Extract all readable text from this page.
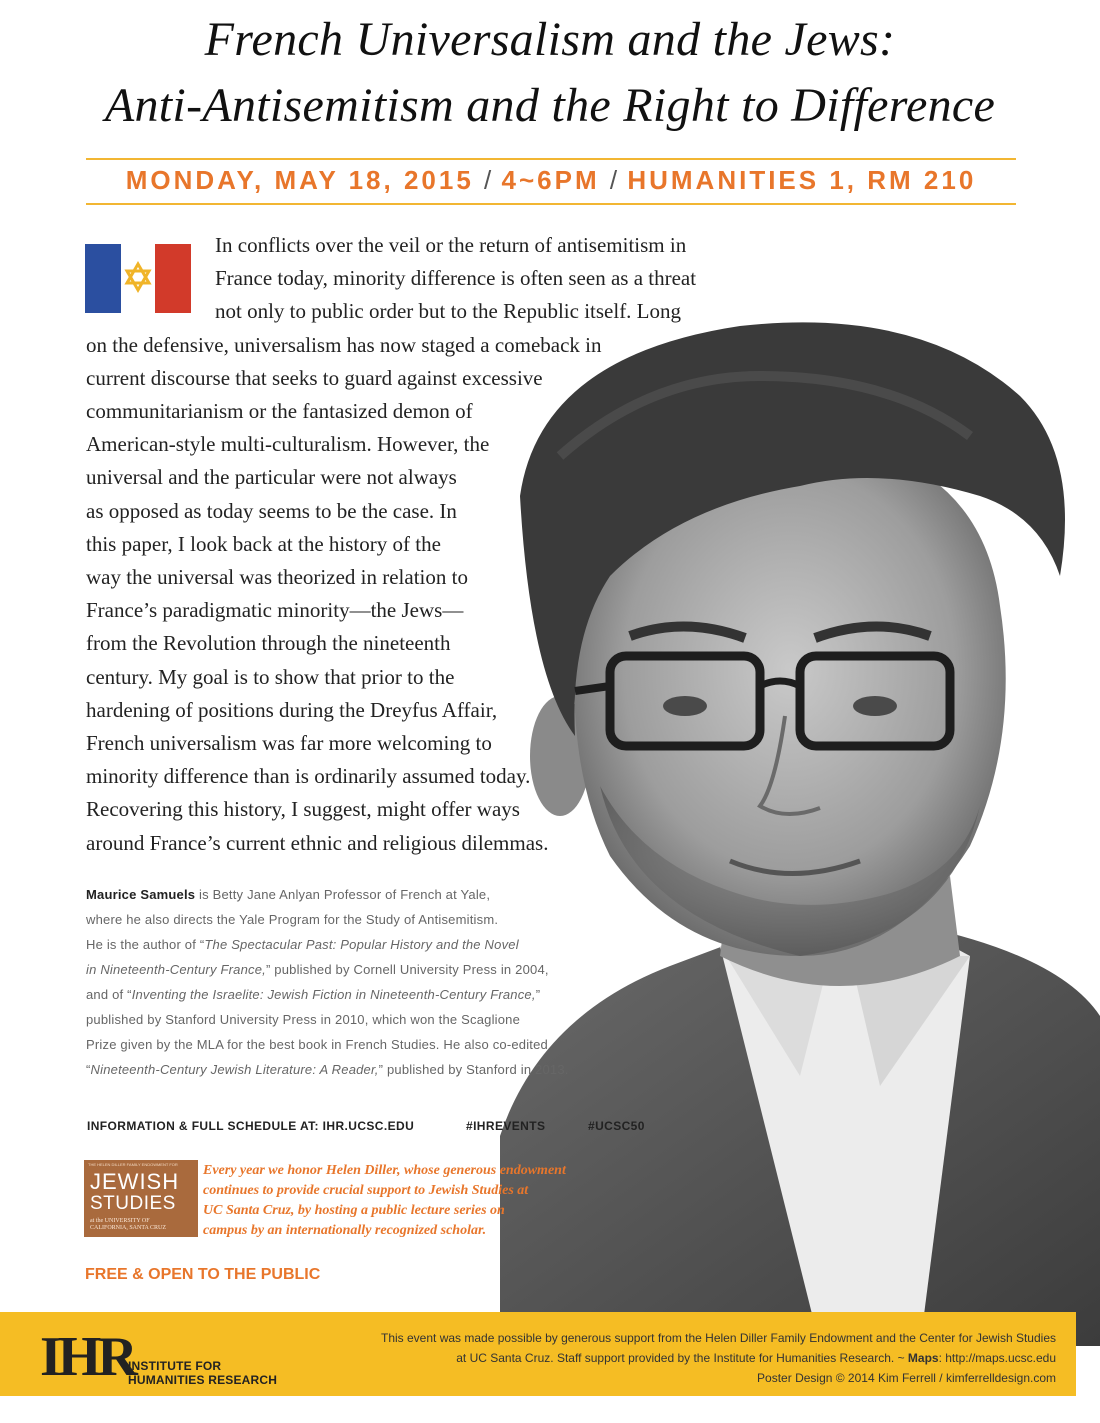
French Universalism and the Jews:
Anti-Antisemitism and the Right to Difference
MONDAY, MAY 18, 2015 / 4~6PM / HUMANITIES 1, RM 210
In conflicts over the veil or the return of antisemitism in
France today, minority difference is often seen as a threat
not only to public order but to the Republic itself. Long
on the defensive, universalism has now staged a comeback in
current discourse that seeks to guard against excessive
communitarianism or the fantasized demon of
American-style multi-culturalism. However, the
universal and the particular were not always
as opposed as today seems to be the case. In
this paper, I look back at the history of the
way the universal was theorized in relation to
France’s paradigmatic minority—the Jews—
from the Revolution through the nineteenth
century. My goal is to show that prior to the
hardening of positions during the Dreyfus Affair,
French universalism was far more welcoming to
minority difference than is ordinarily assumed today.
Recovering this history, I suggest, might offer ways
around France’s current ethnic and religious dilemmas.
Maurice Samuels is Betty Jane Anlyan Professor of French at Yale,
where he also directs the Yale Program for the Study of Antisemitism.
He is the author of “The Spectacular Past: Popular History and the Novel
in Nineteenth-Century France,” published by Cornell University Press in 2004,
and of “Inventing the Israelite: Jewish Fiction in Nineteenth-Century France,”
published by Stanford University Press in 2010, which won the Scaglione
Prize given by the MLA for the best book in French Studies. He also co-edited
“Nineteenth-Century Jewish Literature: A Reader,” published by Stanford in 2013.
INFORMATION & FULL SCHEDULE AT: IHR.UCSC.EDU	#IHREVENTS	#UCSC50
THE HELEN DILLER FAMILY ENDOWMENT FOR
JEWISH
STUDIES
at the UNIVERSITY OF
CALIFORNIA, SANTA CRUZ
Every year we honor Helen Diller, whose generous endowment
continues to provide crucial support to Jewish Studies at
UC Santa Cruz, by hosting a public lecture series on
campus by an internationally recognized scholar.
FREE & OPEN TO THE PUBLIC
IHR
INSTITUTE FOR
HUMANITIES RESEARCH
This event was made possible by generous support from the Helen Diller Family Endowment and the Center for Jewish Studies
at UC Santa Cruz. Staff support provided by the Institute for Humanities Research. ~ Maps: http://maps.ucsc.edu
Poster Design © 2014 Kim Ferrell / kimferrelldesign.com
